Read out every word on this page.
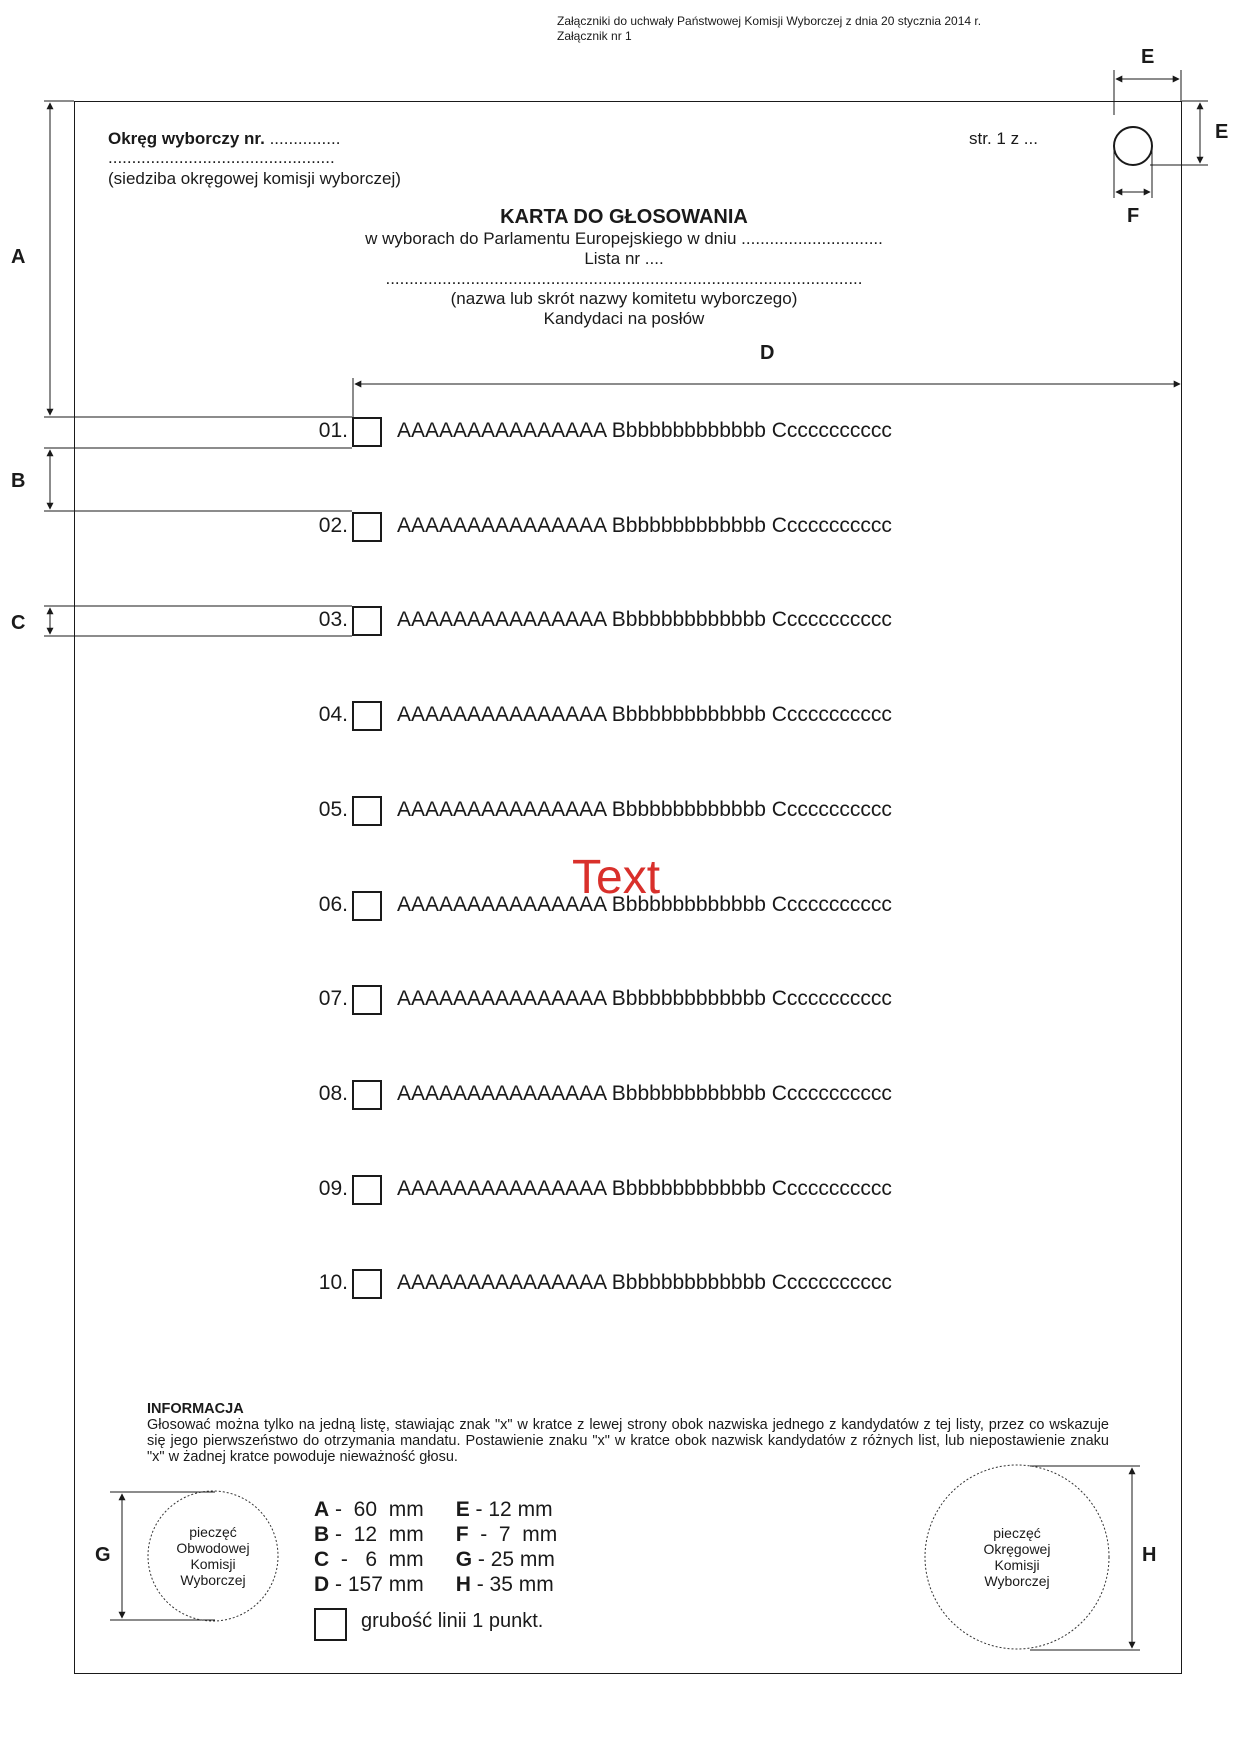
Załączniki do uchwały Państwowej Komisji Wyborczej z dnia 20 stycznia 2014 r.
Załącznik nr 1
A
B
C
D
E
E
F
G	H
Okręg wyborczy nr. ...............
................................................
(siedziba okręgowej komisji wyborczej)
str. 1 z ...
KARTA DO GŁOSOWANIA
w wyborach do Parlamentu Europejskiego w dniu ..............................
Lista nr ....
.....................................................................................................
(nazwa lub skrót nazwy komitetu wyborczego)
Kandydaci na posłów
01. AAAAAAAAAAAAAAA Bbbbbbbbbbbbb Ccccccccccc
02. AAAAAAAAAAAAAAA Bbbbbbbbbbbbb Ccccccccccc
03. AAAAAAAAAAAAAAA Bbbbbbbbbbbbb Ccccccccccc
04. AAAAAAAAAAAAAAA Bbbbbbbbbbbbb Ccccccccccc
05. AAAAAAAAAAAAAAA Bbbbbbbbbbbbb Ccccccccccc
06. AAAAAAAAAAAAAAA Bbbbbbbbbbbbb Ccccccccccc
07. AAAAAAAAAAAAAAA Bbbbbbbbbbbbb Ccccccccccc
08. AAAAAAAAAAAAAAA Bbbbbbbbbbbbb Ccccccccccc
09. AAAAAAAAAAAAAAA Bbbbbbbbbbbbb Ccccccccccc
10. AAAAAAAAAAAAAAA Bbbbbbbbbbbbb Ccccccccccc
Text
INFORMACJA
Głosować można tylko na jedną listę, stawiając znak "x" w kratce z lewej strony obok nazwiska jednego z kandydatów z tej listy, przez co wskazuje się jego pierwszeństwo do otrzymania mandatu. Postawienie znaku "x" w kratce obok nazwisk kandydatów z różnych list, lub niepostawienie znaku "x" w żadnej kratce powoduje nieważność głosu.
pieczęć
Obwodowej
Komisji
Wyborczej
pieczęć
Okręgowej
Komisji
Wyborczej
A -  60  mm		E - 12 mm
B -  12  mm		F  -  7  mm
C  -   6  mm		G - 25 mm
D - 157 mm		H - 35 mm
grubość linii 1 punkt.
